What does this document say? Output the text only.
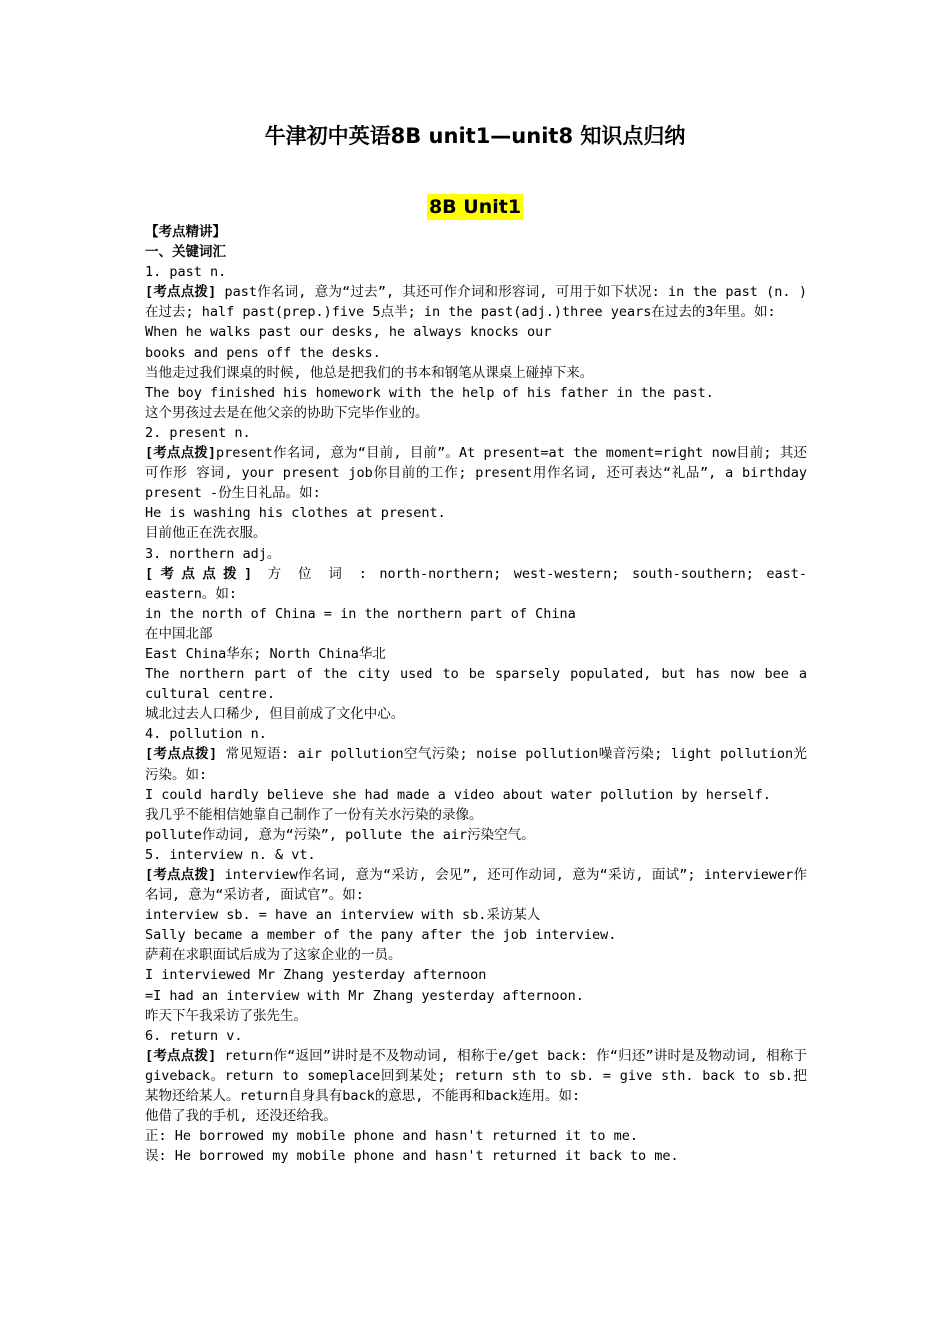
牛津初中英语8B unit1—unit8 知识点归纳
8B Unit1

【考点精讲】

一、关键词汇

1. past n.

[考点点拨] past作名词, 意为“过去”, 其还可作介词和形容词, 可用于如下状况: in the past (n. ) 在过去; half past(prep.)five 5点半; in the past(adj.)three years在过去的3年里。如:

When he walks past our desks, he always knocks our

books and pens off the desks.

当他走过我们课桌的时候, 他总是把我们的书本和钢笔从课桌上碰掉下来。

The boy finished his homework with the help of his father in the past.

这个男孩过去是在他父亲的协助下完毕作业的。

2. present n.

[考点点拨]present作名词, 意为“目前, 目前”。At present=at the moment=right now目前; 其还可作形 容词, your present job你目前的工作; present用作名词, 还可表达“礼品”, a birthday present -份生日礼品。如:

He is washing his clothes at present.

目前他正在洗衣服。

3. northern adj。

[考点点拨] 方 位 词 : north-northern; west-western; south-southern; east-eastern。如:

in the north of China = in the northern part of China

在中国北部

East China华东; North China华北

The northern part of the city used to be sparsely populated, but has now bee a cultural centre.

城北过去人口稀少, 但目前成了文化中心。

4. pollution n.

[考点点拨] 常见短语: air pollution空气污染; noise pollution噪音污染; light pollution光污染。如:

I could hardly believe she had made a video about water pollution by herself.

我几乎不能相信她靠自己制作了一份有关水污染的录像。

pollute作动词, 意为“污染”, pollute the air污染空气。

5. interview n. & vt.

[考点点拨] interview作名词, 意为“采访, 会见”, 还可作动词, 意为“采访, 面试”; interviewer作名词, 意为“采访者, 面试官”。如:

interview sb. = have an interview with sb.采访某人

Sally became a member of the pany after the job interview.

萨莉在求职面试后成为了这家企业的一员。

I interviewed Mr Zhang yesterday afternoon

=I had an interview with Mr Zhang yesterday afternoon.

昨天下午我采访了张先生。

6. return v.

[考点点拨] return作“返回”讲时是不及物动词, 相称于e/get back: 作“归还”讲时是及物动词, 相称于giveback。return to someplace回到某处; return sth to sb. = give sth. back to sb.把某物还给某人。return自身具有back的意思, 不能再和back连用。如:

他借了我的手机, 还没还给我。

正: He borrowed my mobile phone and hasn't returned it to me.

误: He borrowed my mobile phone and hasn't returned it back to me.
